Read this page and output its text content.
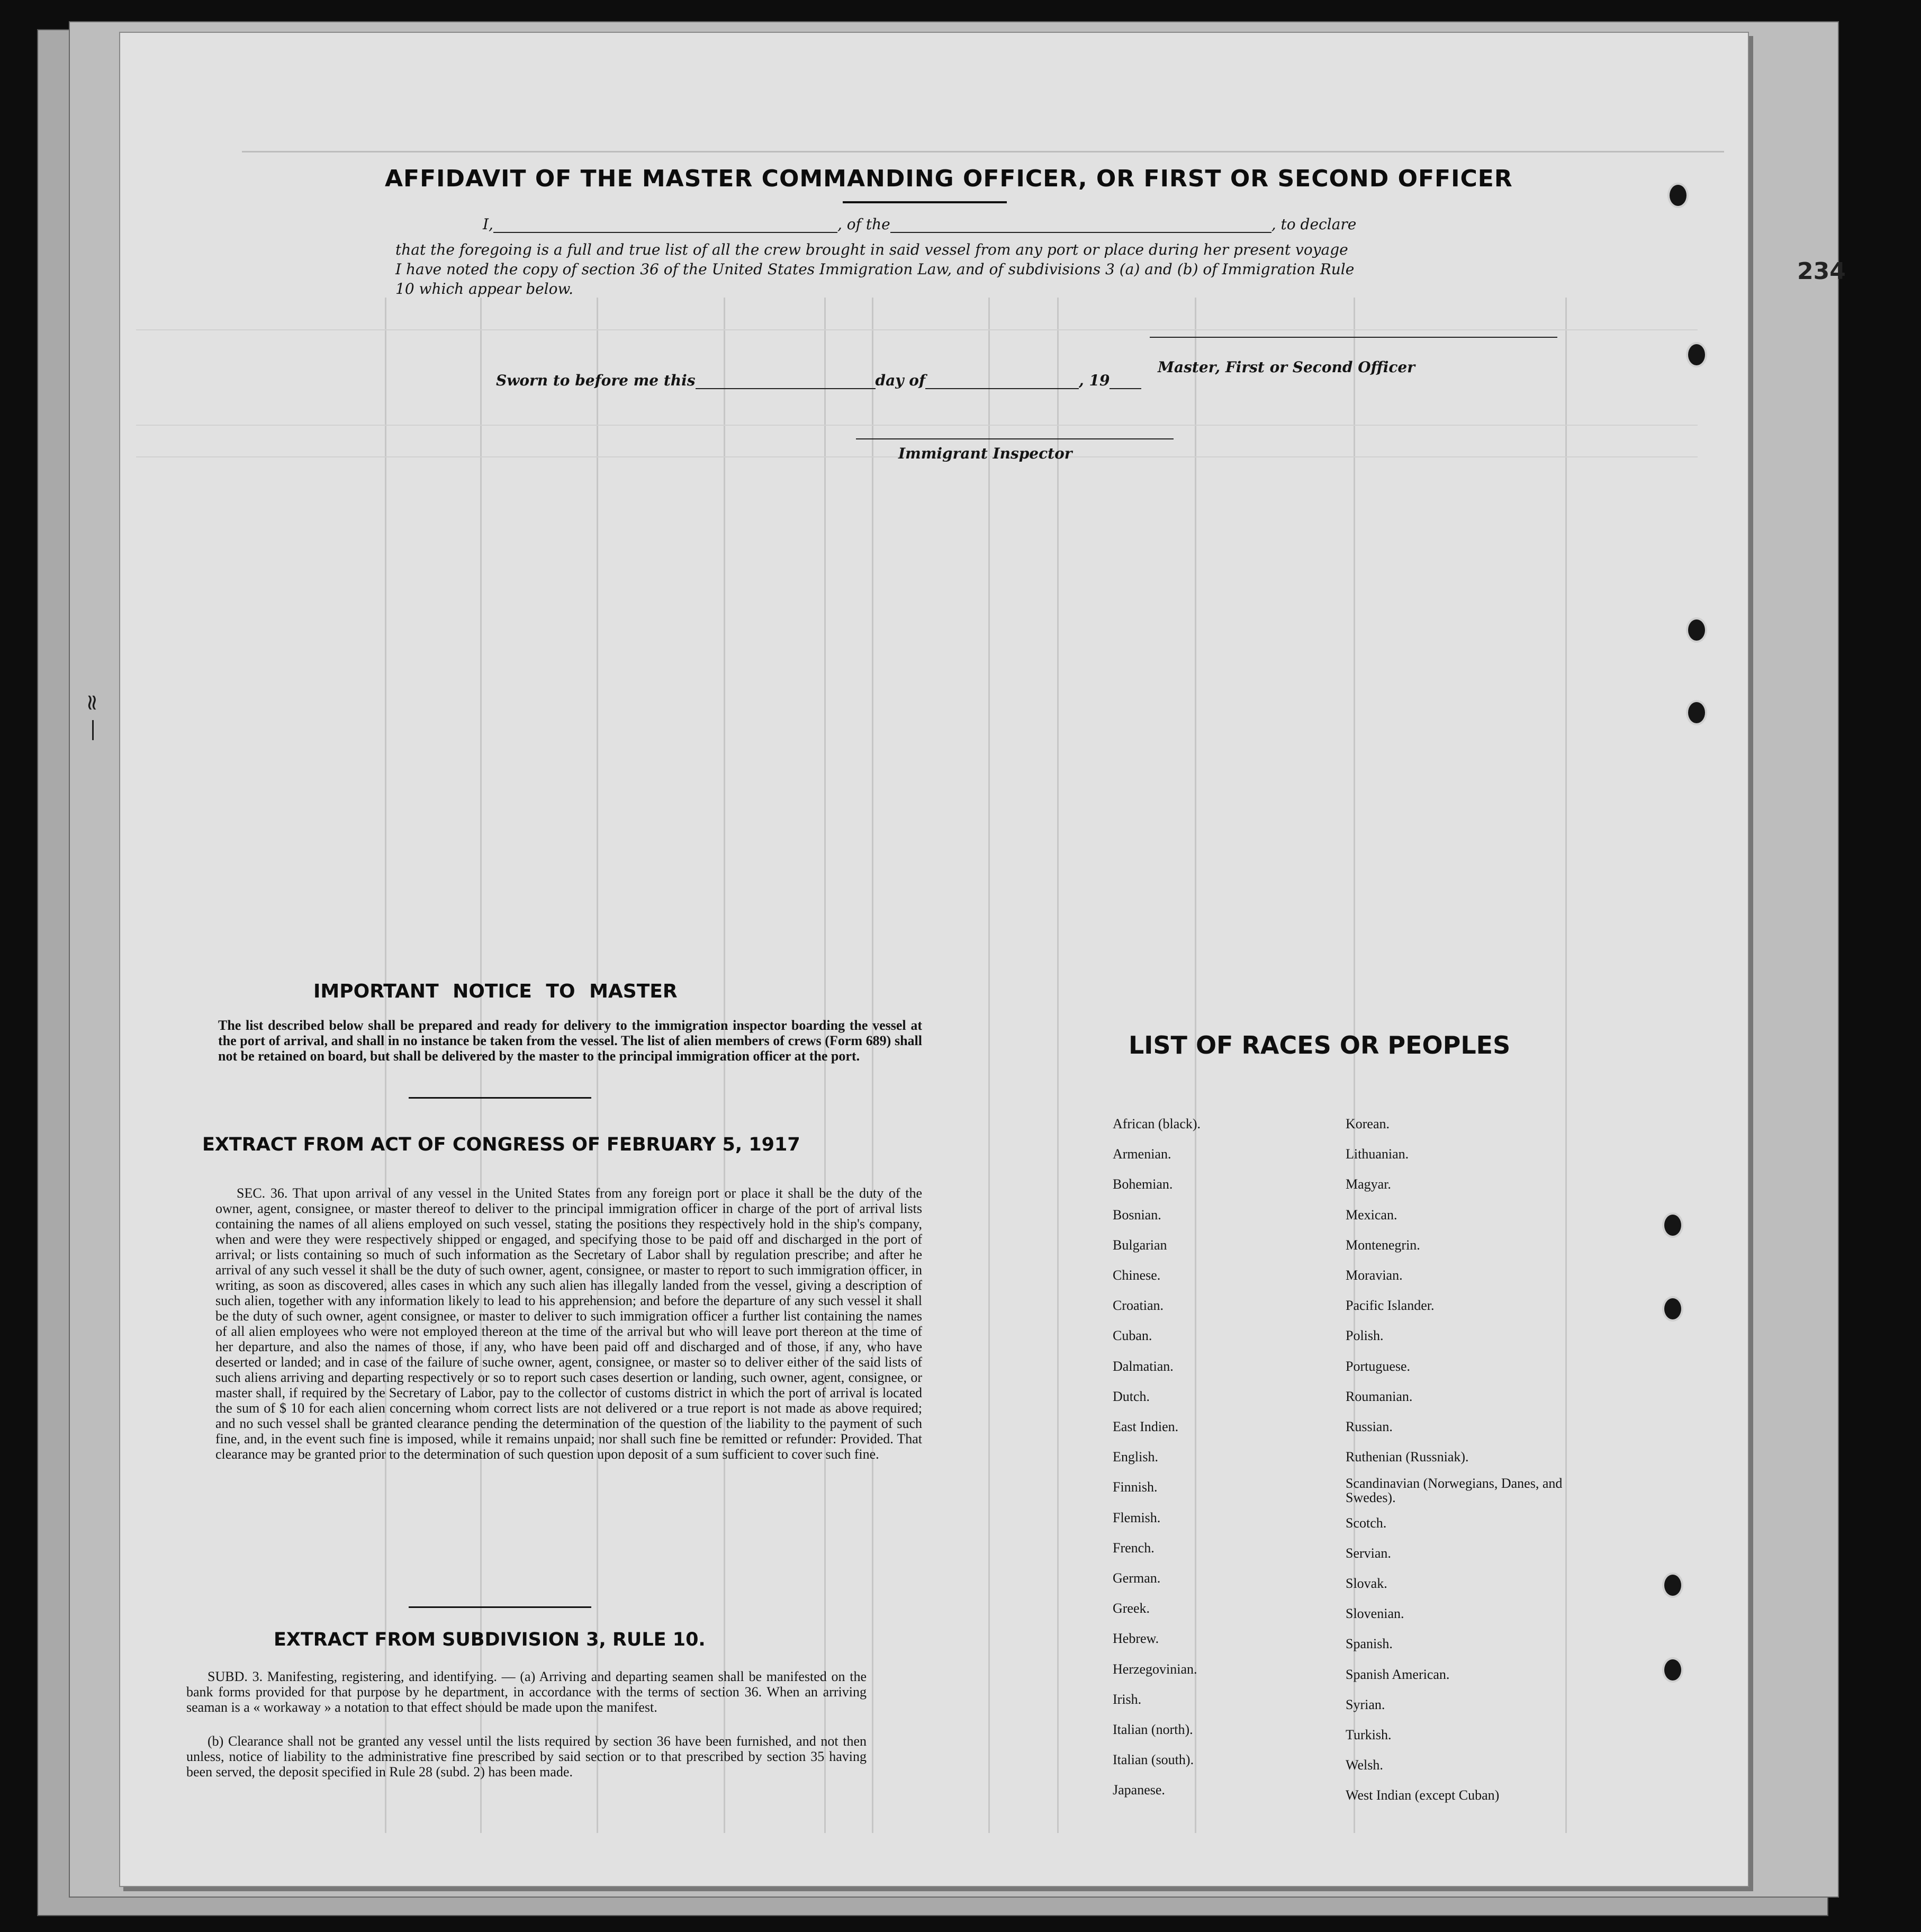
234
AFFIDAVIT OF THE MASTER COMMANDING OFFICER, OR FIRST OR SECOND OFFICER
I,	, of the	, to declare
that the foregoing is a full and true list of all the crew brought in said vessel from any port or place during her present voyage
I have noted the copy of section 36 of the United States Immigration Law, and of subdivisions 3 (a) and (b) of Immigration Rule
10 which appear below.
Master, First or Second Officer
Sworn to before me this	day of	, 19
Immigrant Inspector
IMPORTANT NOTICE TO MASTER
The list described below shall be prepared and ready for delivery to the immigration inspector boarding the vessel at the port of arrival, and shall in no instance be taken from the vessel. The list of alien members of crews (Form 689) shall not be retained on board, but shall be delivered by the master to the principal immigration officer at the port.
EXTRACT FROM ACT OF CONGRESS OF FEBRUARY 5, 1917
SEC. 36. That upon arrival of any vessel in the United States from any foreign port or place it shall be the duty of the owner, agent, consignee, or master thereof to deliver to the principal immigration officer in charge of the port of arrival lists containing the names of all aliens employed on such vessel, stating the positions they respectively hold in the ship's company, when and were they were respectively shipped or engaged, and specifying those to be paid off and discharged in the port of arrival; or lists containing so much of such information as the Secretary of Labor shall by regulation prescribe; and after he arrival of any such vessel it shall be the duty of such owner, agent, consignee, or master to report to such immigration officer, in writing, as soon as discovered, alles cases in which any such alien has illegally landed from the vessel, giving a description of such alien, together with any information likely to lead to his apprehension; and before the departure of any such vessel it shall be the duty of such owner, agent consignee, or master to deliver to such immigration officer a further list containing the names of all alien employees who were not employed thereon at the time of the arrival but who will leave port thereon at the time of her departure, and also the names of those, if any, who have been paid off and discharged and of those, if any, who have deserted or landed; and in case of the failure of suche owner, agent, consignee, or master so to deliver either of the said lists of such aliens arriving and departing respectively or so to report such cases desertion or landing, such owner, agent, consignee, or master shall, if required by the Secretary of Labor, pay to the collector of customs district in which the port of arrival is located the sum of $ 10 for each alien concerning whom correct lists are not delivered or a true report is not made as above required; and no such vessel shall be granted clearance pending the determination of the question of the liability to the payment of such fine, and, in the event such fine is imposed, while it remains unpaid; nor shall such fine be remitted or refunder: Provided. That clearance may be granted prior to the determination of such question upon deposit of a sum sufficient to cover such fine.
EXTRACT FROM SUBDIVISION 3, RULE 10.
SUBD. 3. Manifesting, registering, and identifying. — (a) Arriving and departing seamen shall be manifested on the bank forms provided for that purpose by he department, in accordance with the terms of section 36. When an arriving seaman is a « workaway » a notation to that effect should be made upon the manifest.
(b) Clearance shall not be granted any vessel until the lists required by section 36 have been furnished, and not then unless, notice of liability to the administrative fine prescribed by said section or to that prescribed by section 35 having been served, the deposit specified in Rule 28 (subd. 2) has been made.
LIST OF RACES OR PEOPLES
African (black).
Armenian.
Bohemian.
Bosnian.
Bulgarian
Chinese.
Croatian.
Cuban.
Dalmatian.
Dutch.
East Indien.
English.
Finnish.
Flemish.
French.
German.
Greek.
Hebrew.
Herzegovinian.
Irish.
Italian (north).
Italian (south).
Japanese.
Korean.
Lithuanian.
Magyar.
Mexican.
Montenegrin.
Moravian.
Pacific Islander.
Polish.
Portuguese.
Roumanian.
Russian.
Ruthenian (Russniak).
Scandinavian (Norwegians, Danes, and Swedes).
Scotch.
Servian.
Slovak.
Slovenian.
Spanish.
Spanish American.
Syrian.
Turkish.
Welsh.
West Indian (except Cuban)
— ≈
